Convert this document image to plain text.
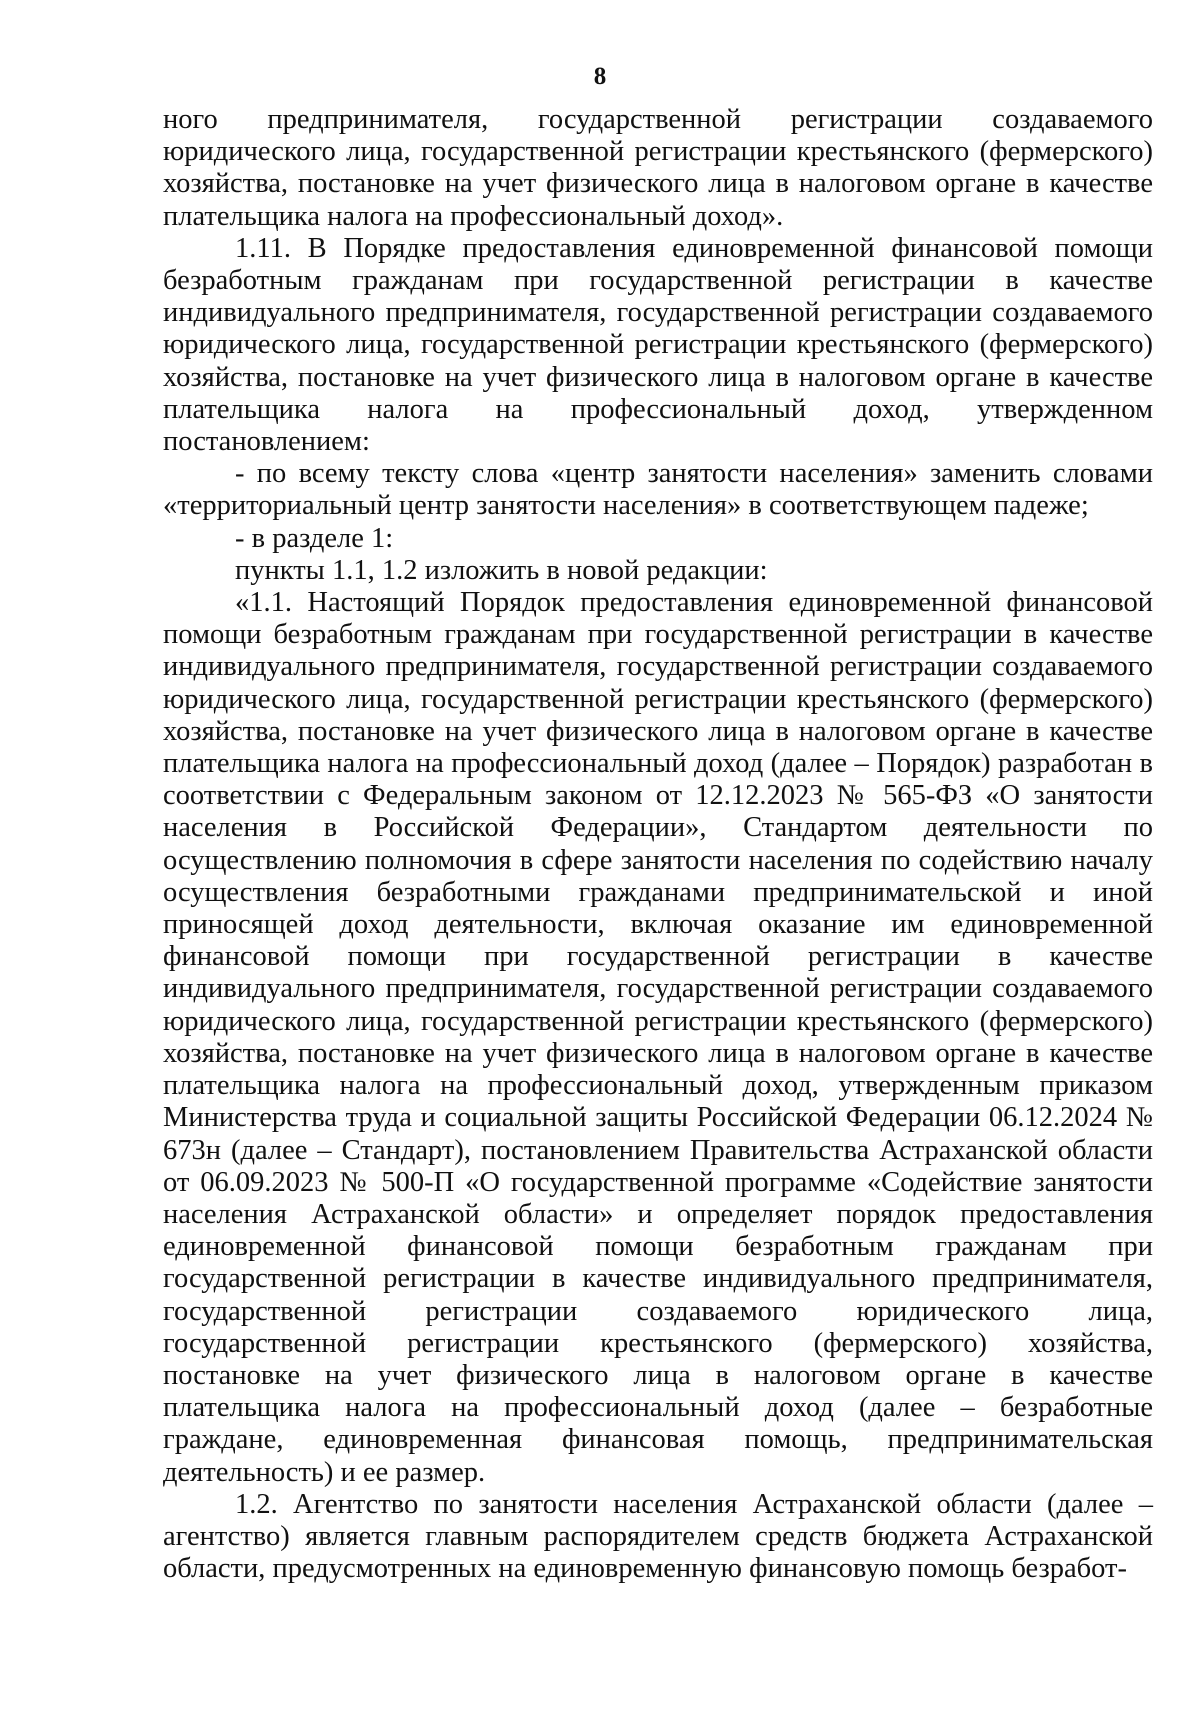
8

ного предпринимателя, государственной регистрации создаваемого юридического лица, государственной регистрации крестьянского (фермерского) хозяйства, постановке на учет физического лица в налоговом органе в качестве плательщика налога на профессиональный доход».

1.11. В Порядке предоставления единовременной финансовой помощи безработным гражданам при государственной регистрации в качестве индивидуального предпринимателя, государственной регистрации создаваемого юридического лица, государственной регистрации крестьянского (фермерского) хозяйства, постановке на учет физического лица в налоговом органе в качестве плательщика налога на профессиональный доход, утвержденном постановлением:

- по всему тексту слова «центр занятости населения» заменить словами «территориальный центр занятости населения» в соответствующем падеже;

- в разделе 1:

пункты 1.1, 1.2 изложить в новой редакции:

«1.1. Настоящий Порядок предоставления единовременной финансовой помощи безработным гражданам при государственной регистрации в качестве индивидуального предпринимателя, государственной регистрации создаваемого юридического лица, государственной регистрации крестьянского (фермерского) хозяйства, постановке на учет физического лица в налоговом органе в качестве плательщика налога на профессиональный доход (далее – Порядок) разработан в соответствии с Федеральным законом от 12.12.2023 № 565-ФЗ «О занятости населения в Российской Федерации», Стандартом деятельности по осуществлению полномочия в сфере занятости населения по содействию началу осуществления безработными гражданами предпринимательской и иной приносящей доход деятельности, включая оказание им единовременной финансовой помощи при государственной регистрации в качестве индивидуального предпринимателя, государственной регистрации создаваемого юридического лица, государственной регистрации крестьянского (фермерского) хозяйства, постановке на учет физического лица в налоговом органе в качестве плательщика налога на профессиональный доход, утвержденным приказом Министерства труда и социальной защиты Российской Федерации 06.12.2024 № 673н (далее – Стандарт), постановлением Правительства Астраханской области от 06.09.2023 № 500-П «О государственной программе «Содействие занятости населения Астраханской области» и определяет порядок предоставления единовременной финансовой помощи безработным гражданам при государственной регистрации в качестве индивидуального предпринимателя, государственной регистрации создаваемого юридического лица, государственной регистрации крестьянского (фермерского) хозяйства, постановке на учет физического лица в налоговом органе в качестве плательщика налога на профессиональный доход (далее – безработные граждане, единовременная финансовая помощь, предпринимательская деятельность) и ее размер.

1.2. Агентство по занятости населения Астраханской области (далее – агентство) является главным распорядителем средств бюджета Астраханской области, предусмотренных на единовременную финансовую помощь безработ-
